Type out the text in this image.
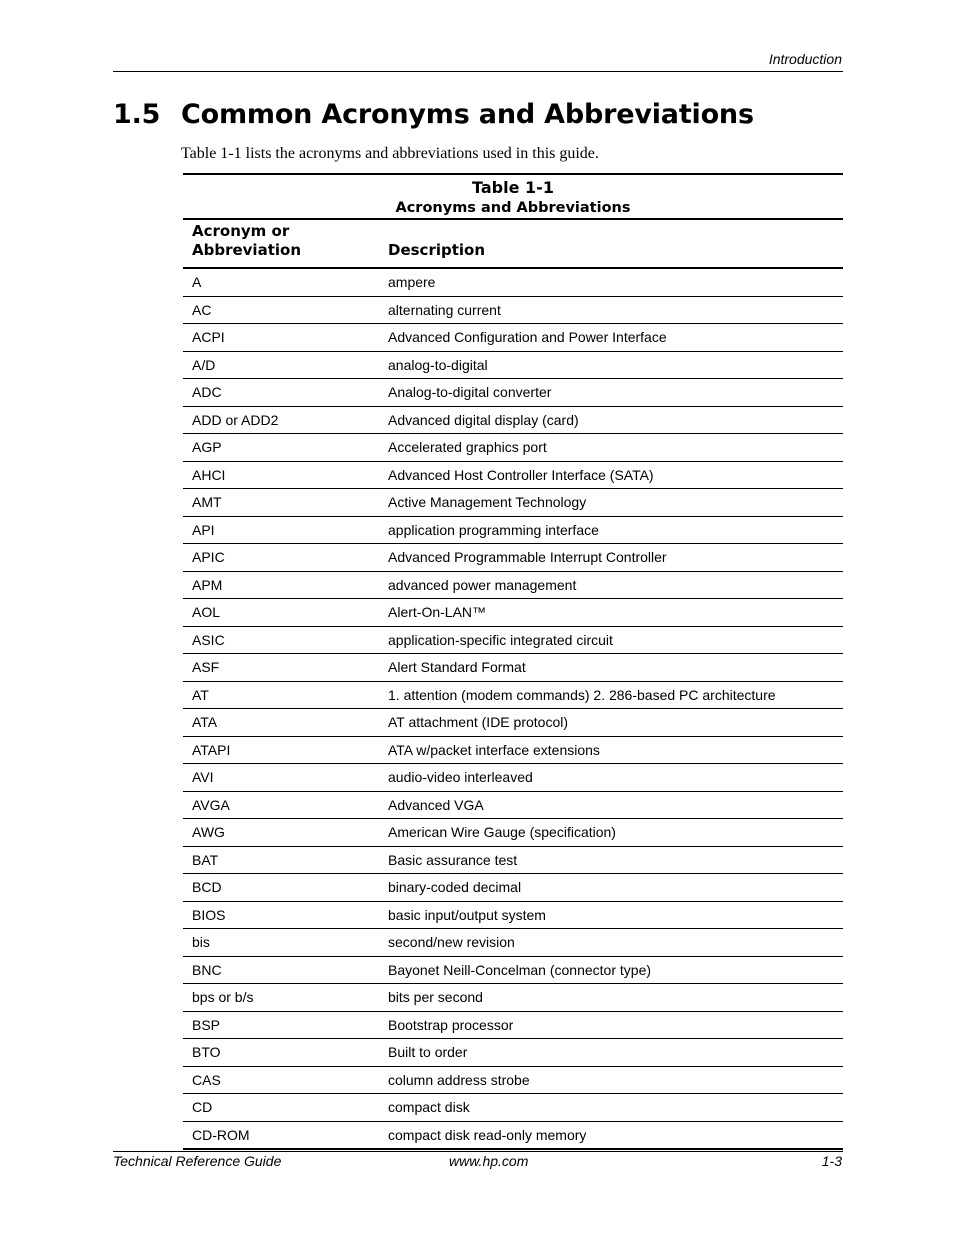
Introduction
1.5 Common Acronyms and Abbreviations
Table 1-1 lists the acronyms and abbreviations used in this guide.
Table 1-1
Acronyms and Abbreviations
Acronym or
Abbreviation	Description
A	ampere
AC	alternating current
ACPI	Advanced Configuration and Power Interface
A/D	analog-to-digital
ADC	Analog-to-digital converter
ADD or ADD2	Advanced digital display (card)
AGP	Accelerated graphics port
AHCI	Advanced Host Controller Interface (SATA)
AMT	Active Management Technology
API	application programming interface
APIC	Advanced Programmable Interrupt Controller
APM	advanced power management
AOL	Alert-On-LAN™
ASIC	application-specific integrated circuit
ASF	Alert Standard Format
AT	1. attention (modem commands) 2. 286-based PC architecture
ATA	AT attachment (IDE protocol)
ATAPI	ATA w/packet interface extensions
AVI	audio-video interleaved
AVGA	Advanced VGA
AWG	American Wire Gauge (specification)
BAT	Basic assurance test
BCD	binary-coded decimal
BIOS	basic input/output system
bis	second/new revision
BNC	Bayonet Neill-Concelman (connector type)
bps or b/s	bits per second
BSP	Bootstrap processor
BTO	Built to order
CAS	column address strobe
CD	compact disk
CD-ROM	compact disk read-only memory
Technical Reference Guide	www.hp.com	1-3
